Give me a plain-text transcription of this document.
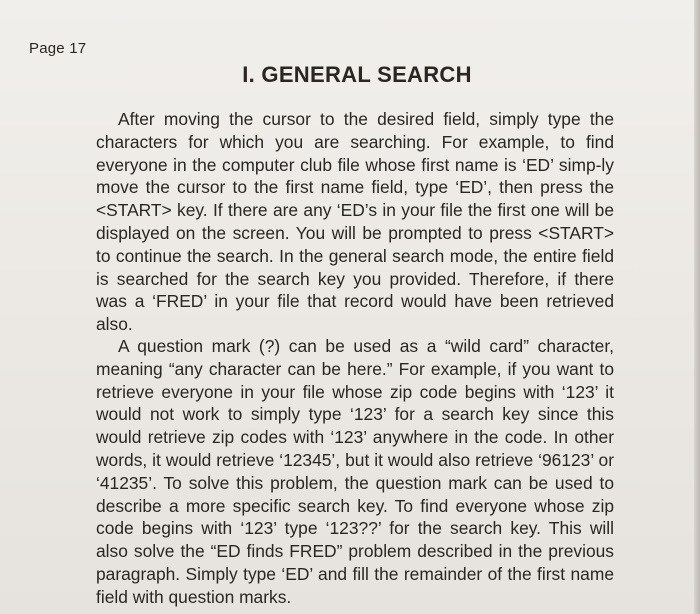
Page 17
I. GENERAL SEARCH

After moving the cursor to the desired field, simply type the characters for which you are searching. For example, to find everyone in the computer club file whose first name is ‘ED’ simp-ly move the cursor to the first name field, type ‘ED’, then press the <START> key. If there are any ‘ED’s in your file the first one will be displayed on the screen. You will be prompted to press <START> to continue the search. In the general search mode, the entire field is searched for the search key you provided. Therefore, if there was a ‘FRED’ in your file that record would have been retrieved also.

A question mark (?) can be used as a “wild card” character, meaning “any character can be here.” For example, if you want to retrieve everyone in your file whose zip code begins with ‘123’ it would not work to simply type ‘123’ for a search key since this would retrieve zip codes with ‘123’ anywhere in the code. In other words, it would retrieve ‘12345’, but it would also retrieve ‘96123’ or ‘41235’. To solve this problem, the question mark can be used to describe a more specific search key. To find everyone whose zip code begins with ‘123’ type ‘123??’ for the search key. This will also solve the “ED finds FRED” problem described in the previous paragraph. Simply type ‘ED’ and fill the remainder of the first name field with question marks.
